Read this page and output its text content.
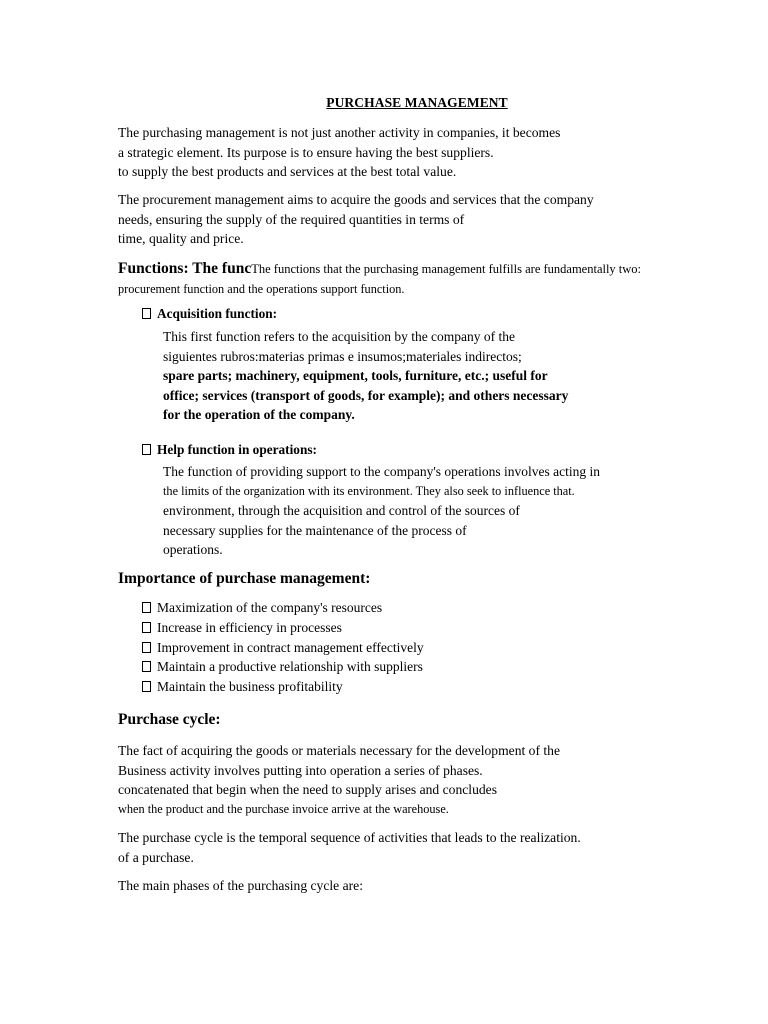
PURCHASE MANAGEMENT
The purchasing management is not just another activity in companies, it becomes
a strategic element. Its purpose is to ensure having the best suppliers.
to supply the best products and services at the best total value.
The procurement management aims to acquire the goods and services that the company
needs, ensuring the supply of the required quantities in terms of
time, quality and price.
Functions: The funcThe functions that the purchasing management fulfills are fundamentally two:
procurement function and the operations support function.
Acquisition function:
This first function refers to the acquisition by the company of the
siguientes rubros:materias primas e insumos;materiales indirectos;
spare parts; machinery, equipment, tools, furniture, etc.; useful for
office; services (transport of goods, for example); and others necessary
for the operation of the company.
Help function in operations:
The function of providing support to the company's operations involves acting in
the limits of the organization with its environment. They also seek to influence that.
environment, through the acquisition and control of the sources of
necessary supplies for the maintenance of the process of
operations.
Importance of purchase management:
Maximization of the company's resources
Increase in efficiency in processes
Improvement in contract management effectively
Maintain a productive relationship with suppliers
Maintain the business profitability
Purchase cycle:
The fact of acquiring the goods or materials necessary for the development of the
Business activity involves putting into operation a series of phases.
concatenated that begin when the need to supply arises and concludes
when the product and the purchase invoice arrive at the warehouse.
The purchase cycle is the temporal sequence of activities that leads to the realization.
of a purchase.
The main phases of the purchasing cycle are:
